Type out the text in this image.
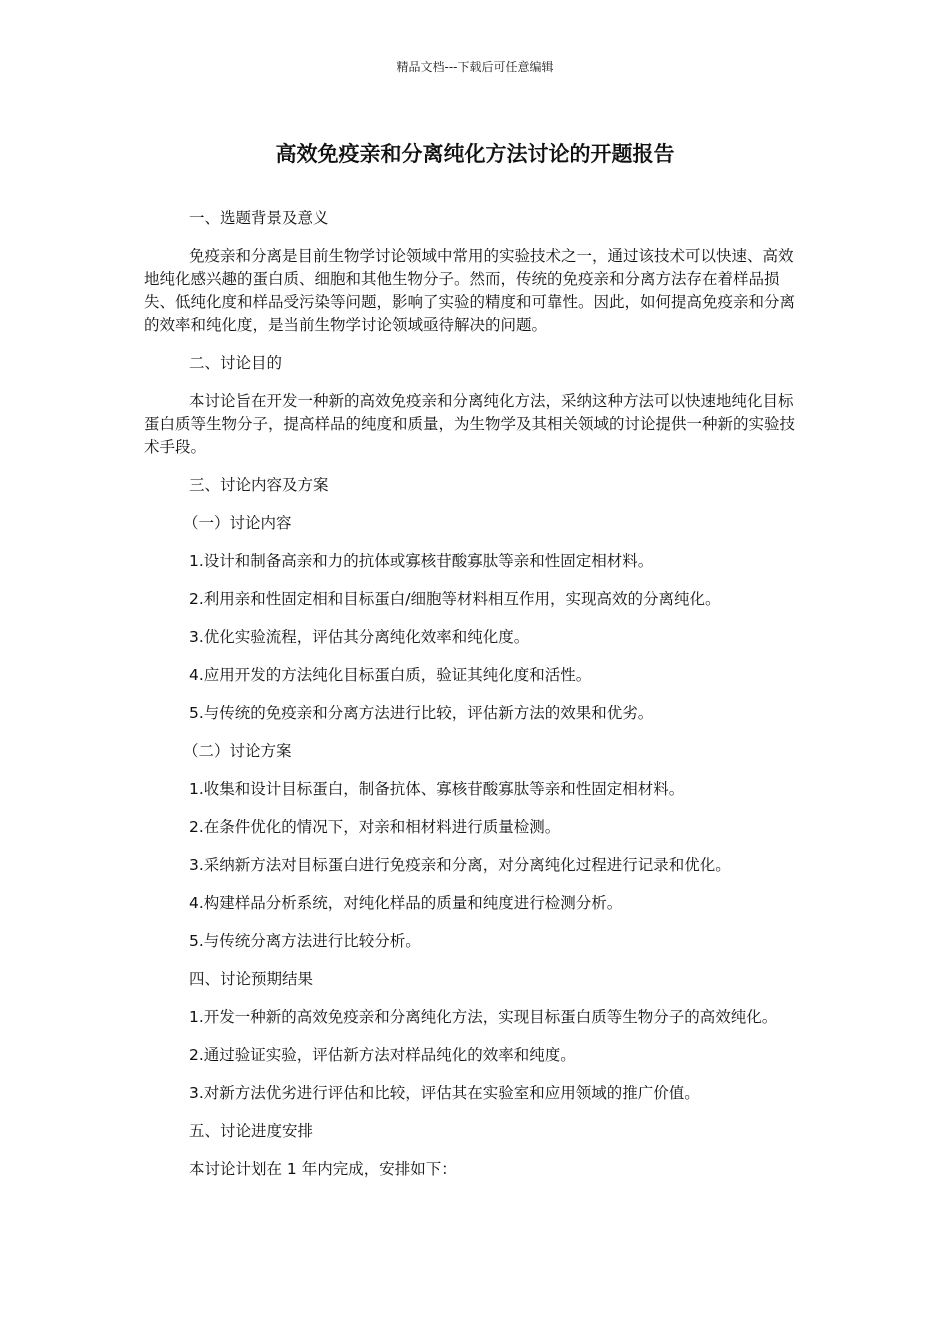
精品文档---下载后可任意编辑
高效免疫亲和分离纯化方法讨论的开题报告

一、选题背景及意义

免疫亲和分离是目前生物学讨论领域中常用的实验技术之一，通过该技术可以快速、高效地纯化感兴趣的蛋白质、细胞和其他生物分子。然而，传统的免疫亲和分离方法存在着样品损失、低纯化度和样品受污染等问题，影响了实验的精度和可靠性。因此，如何提高免疫亲和分离的效率和纯化度，是当前生物学讨论领域亟待解决的问题。

二、讨论目的

本讨论旨在开发一种新的高效免疫亲和分离纯化方法，采纳这种方法可以快速地纯化目标蛋白质等生物分子，提高样品的纯度和质量，为生物学及其相关领域的讨论提供一种新的实验技术手段。

三、讨论内容及方案

（一）讨论内容

1.设计和制备高亲和力的抗体或寡核苷酸寡肽等亲和性固定相材料。

2.利用亲和性固定相和目标蛋白/细胞等材料相互作用，实现高效的分离纯化。

3.优化实验流程，评估其分离纯化效率和纯化度。

4.应用开发的方法纯化目标蛋白质，验证其纯化度和活性。

5.与传统的免疫亲和分离方法进行比较，评估新方法的效果和优劣。

（二）讨论方案

1.收集和设计目标蛋白，制备抗体、寡核苷酸寡肽等亲和性固定相材料。

2.在条件优化的情况下，对亲和相材料进行质量检测。

3.采纳新方法对目标蛋白进行免疫亲和分离，对分离纯化过程进行记录和优化。

4.构建样品分析系统，对纯化样品的质量和纯度进行检测分析。

5.与传统分离方法进行比较分析。

四、讨论预期结果

1.开发一种新的高效免疫亲和分离纯化方法，实现目标蛋白质等生物分子的高效纯化。

2.通过验证实验，评估新方法对样品纯化的效率和纯度。

3.对新方法优劣进行评估和比较，评估其在实验室和应用领域的推广价值。

五、讨论进度安排

本讨论计划在 1 年内完成，安排如下：
